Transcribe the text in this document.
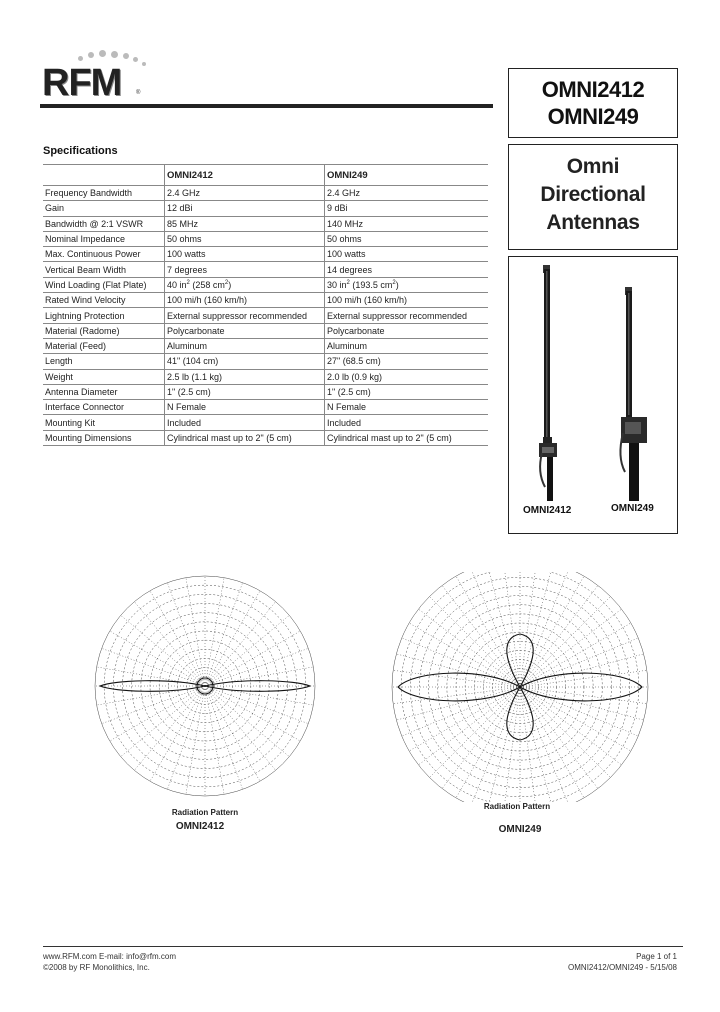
RFM ®	OMNI2412
OMNI249
Omni
Directional
Antennas
OMNI2412	OMNI249
Specifications
	OMNI2412	OMNI249
Frequency Bandwidth	2.4 GHz	2.4 GHz
Gain	12 dBi	9 dBi
Bandwidth @ 2:1 VSWR	85 MHz	140 MHz
Nominal Impedance	50 ohms	50 ohms
Max. Continuous Power	100 watts	100 watts
Vertical Beam Width	7 degrees	14 degrees
Wind Loading (Flat Plate)	40 $in^2$ (258 $cm^2$)	30 $in^2$ (193.5 $cm^2$)
Rated Wind Velocity	100 mi/h (160 km/h)	100 mi/h (160 km/h)
Lightning Protection	External suppressor recommended	External suppressor recommended
Material (Radome)	Polycarbonate	Polycarbonate
Material (Feed)	Aluminum	Aluminum
Length	41" (104 cm)	27" (68.5 cm)
Weight	2.5 lb (1.1 kg)	2.0 lb (0.9 kg)
Antenna Diameter	1" (2.5 cm)	1" (2.5 cm)
Interface Connector	N Female	N Female
Mounting Kit	Included	Included
Mounting Dimensions	Cylindrical mast up to 2" (5 cm)	Cylindrical mast up to 2" (5 cm)
Radiation Pattern
OMNI2412
Radiation Pattern
OMNI249
www.RFM.com E-mail: info@rfm.com
©2008 by RF Monolithics, Inc.
Page 1 of 1
OMNI2412/OMNI249 - 5/15/08
